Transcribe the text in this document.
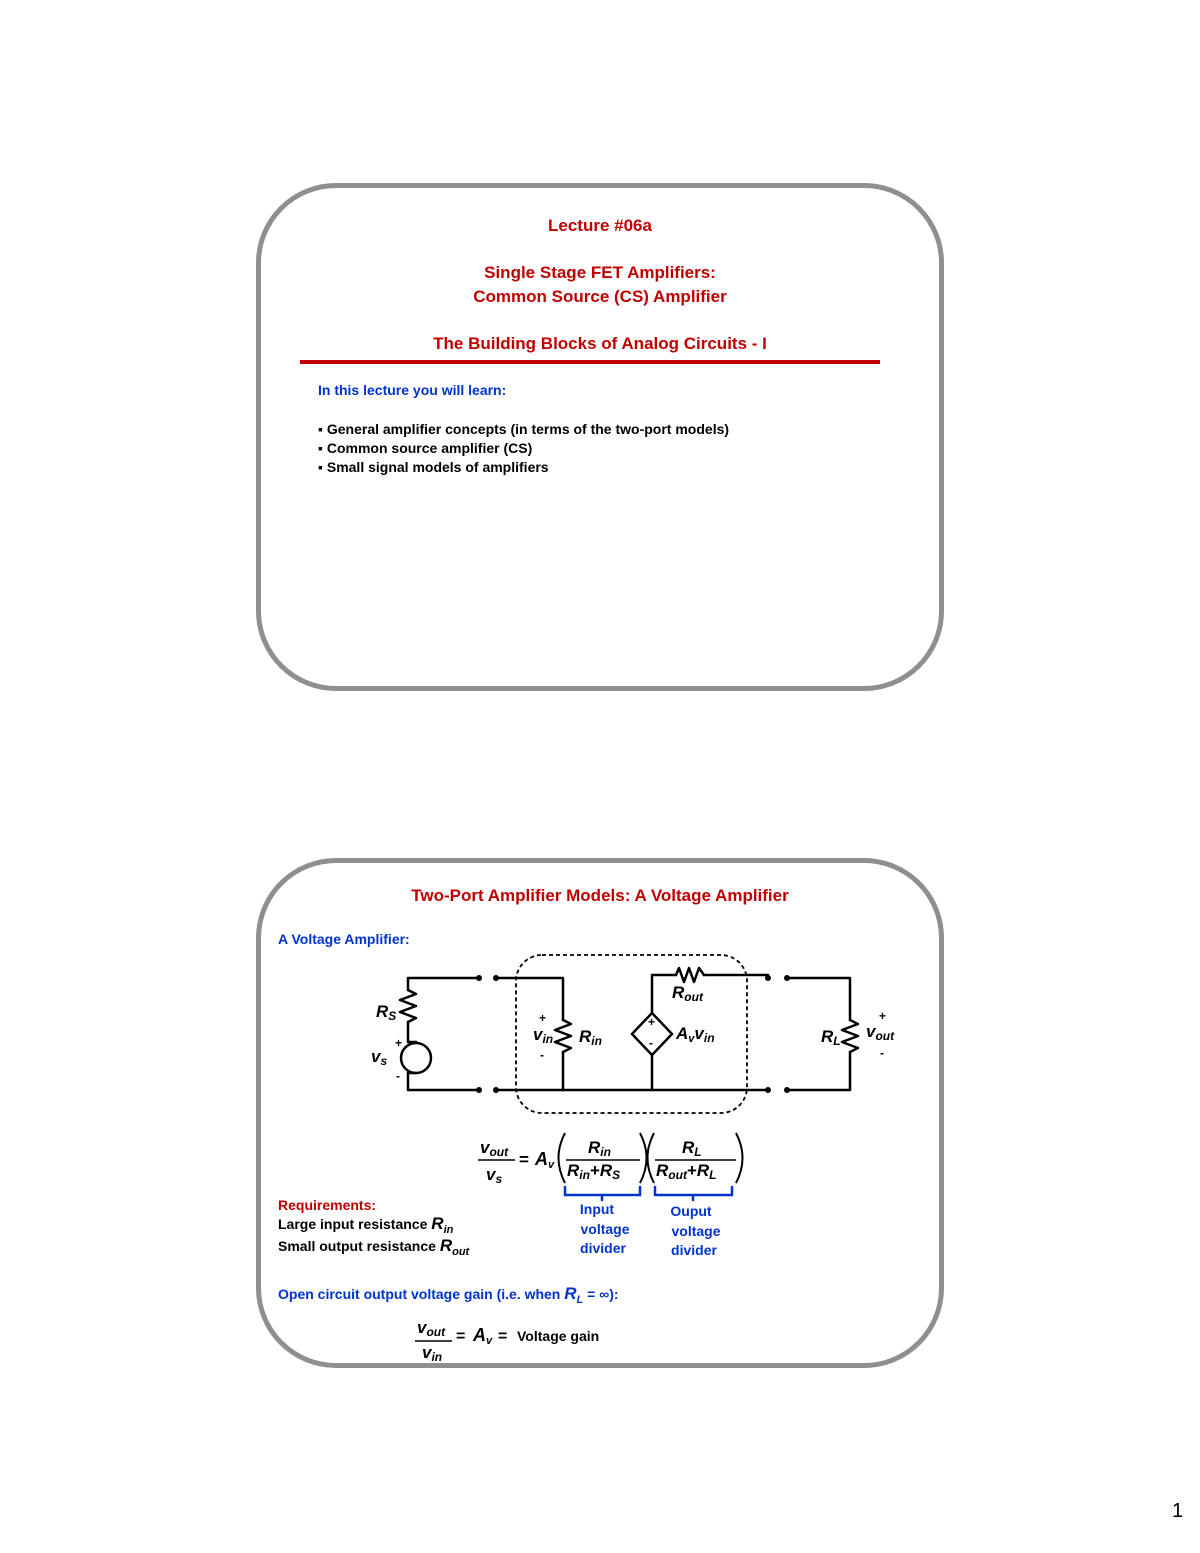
Lecture #06a
Single Stage FET Amplifiers:
Common Source (CS) Amplifier
The Building Blocks of Analog Circuits - I
In this lecture you will learn:
▪ General amplifier concepts (in terms of the two-port models)
▪ Common source amplifier (CS)
▪ Small signal models of amplifiers
Two-Port Amplifier Models: A Voltage Amplifier
A Voltage Amplifier:
RS
vs
vin Rin
Rout
Avvin	RL vout
+
-
+
-
+
-
+
-
vout
vs
= Av
Rin
Rin+RS
RL
Rout+RL
Input
voltage
divider
Ouput
voltage
divider
Requirements:
Large input resistance $R_{in}$
Small output resistance $R_{out}$
Open circuit output voltage gain (i.e. when $R_L$ = ∞):
vout
vin
= Av = Voltage gain
1
